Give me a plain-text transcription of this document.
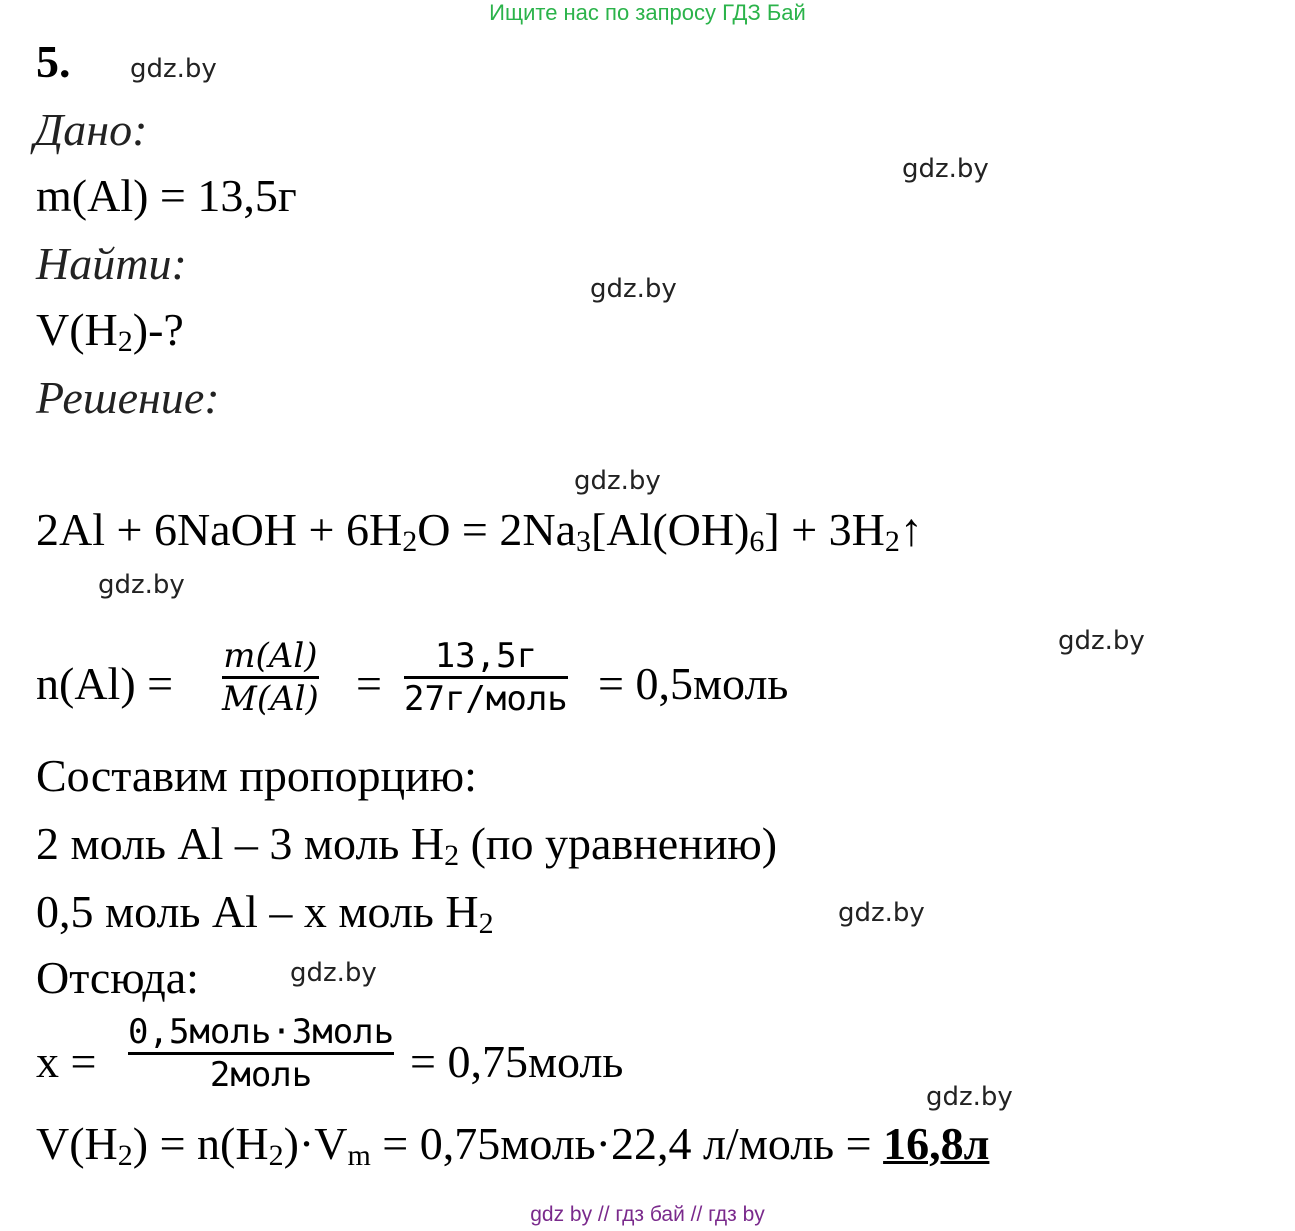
Ищите нас по запросу ГДЗ Бай
5. gdz.by
gdz.by
gdz.by
gdz.by
gdz.by
gdz.by
gdz.by
gdz.by
gdz.by
Дано:
m(Al) = 13,5г
Найти:
$V(H_2)-$?
Решение:
2Al + 6NaOH + $6H_2O = 2Na_3[Al(OH)_6]$ + $3H_2↑$
n(Al) =
m(Al)
M(Al) =
13,5г
27г/моль = 0,5моль
Составим пропорцию:
2 моль Al – 3 моль $H_2$ (по уравнению)
0,5 моль Al – x моль $H_2$
Отсюда:
x =
0,5моль·3моль
2моль = 0,75моль
$V(H_2) = n(H_2)\cdot V_m$ = 0,75моль·22,4 л/моль = 16,8л
gdz by // гдз бай // гдз by
